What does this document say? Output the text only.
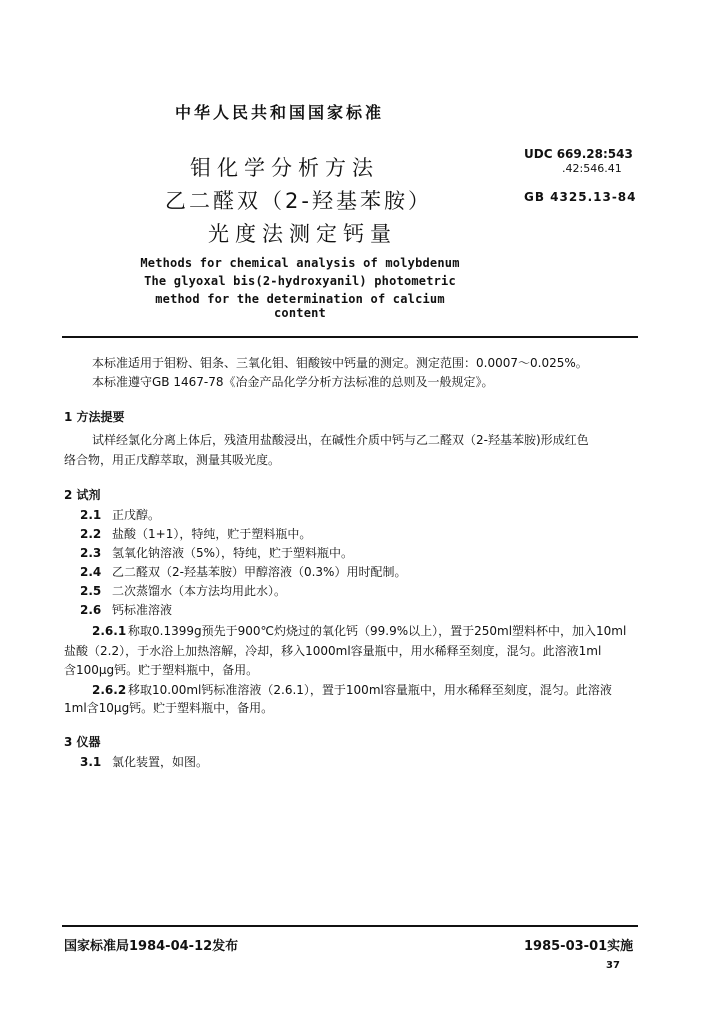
中华人民共和国国家标准
钼化学分析方法
乙二醛双（2-羟基苯胺）
光度法测定钙量
UDC 669.28:543
.42:546.41
GB 4325.13-84
Methods for chemical analysis of molybdenum
The glyoxal bis(2-hydroxyanil) photometric
method for the determination of calcium content
本标准适用于钼粉、钼条、三氧化钼、钼酸铵中钙量的测定。测定范围：0.0007～0.025%。
本标准遵守GB 1467-78《冶金产品化学分析方法标准的总则及一般规定》。
1 方法提要
试样经氯化分离上体后，残渣用盐酸浸出，在碱性介质中钙与乙二醛双（2-羟基苯胺)形成红色
络合物，用正戊醇萃取，测量其吸光度。
2 试剂
2.1 正戊醇。
2.2 盐酸（1+1），特纯，贮于塑料瓶中。
2.3 氢氧化钠溶液（5%），特纯，贮于塑料瓶中。
2.4 乙二醛双（2-羟基苯胺）甲醇溶液（0.3%）用时配制。
2.5 二次蒸馏水（本方法均用此水）。
2.6 钙标准溶液
2.6.1 称取0.1399g预先于900℃灼烧过的氧化钙（99.9%以上），置于250ml塑料杯中，加入10ml
盐酸（2.2），于水浴上加热溶解，冷却，移入1000ml容量瓶中，用水稀释至刻度，混匀。此溶液1ml
含100μg钙。贮于塑料瓶中，备用。
2.6.2 移取10.00ml钙标准溶液（2.6.1），置于100ml容量瓶中，用水稀释至刻度，混匀。此溶液
1ml含10μg钙。贮于塑料瓶中，备用。
3 仪器
3.1 氯化装置，如图。
国家标准局1984-04-12发布	1985-03-01实施
37
